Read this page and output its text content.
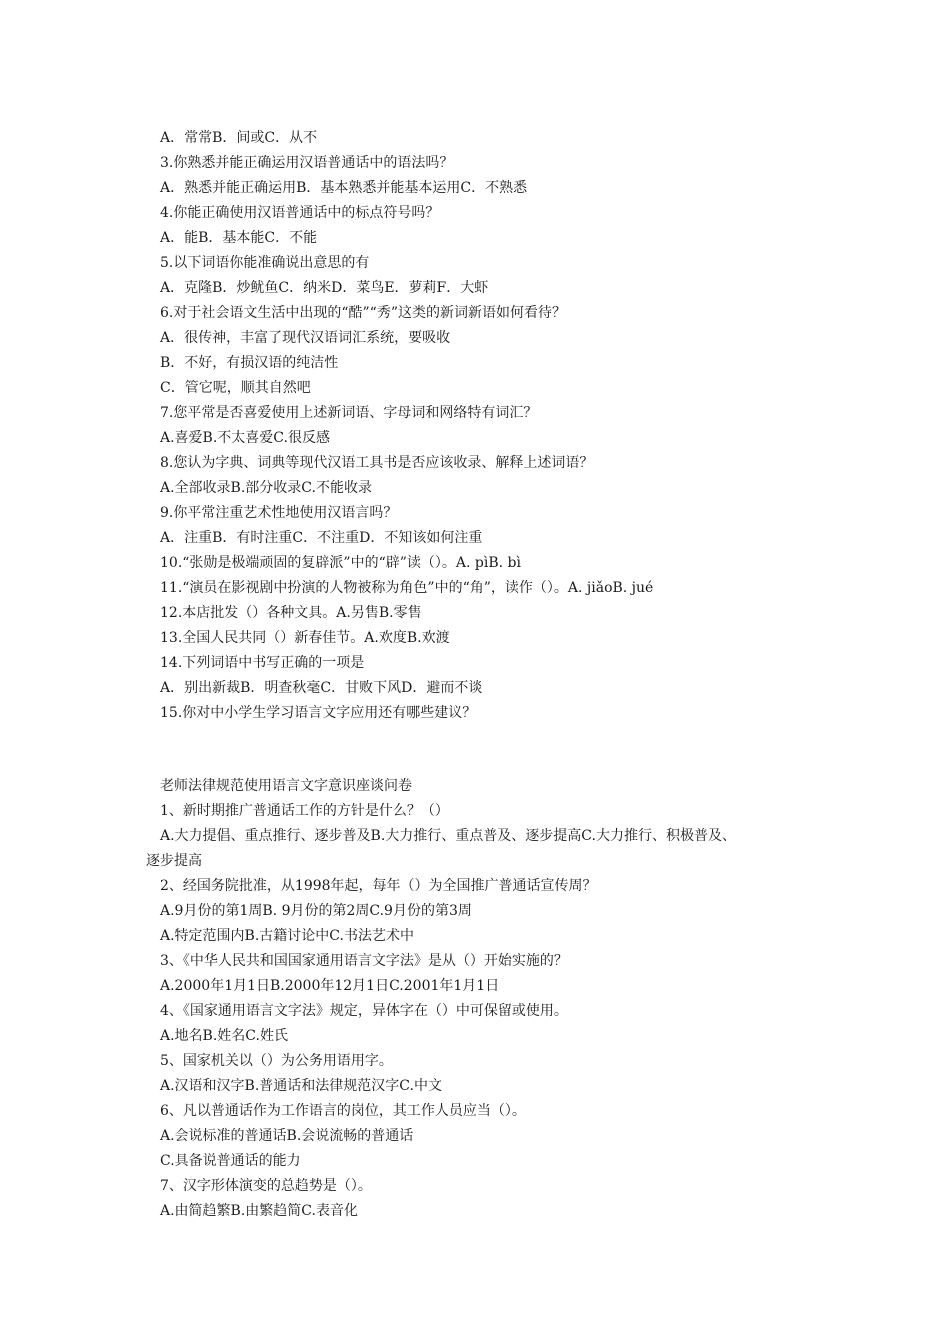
A．常常B．间或C．从不
3.你熟悉并能正确运用汉语普通话中的语法吗？
A．熟悉并能正确运用B．基本熟悉并能基本运用C．不熟悉
4.你能正确使用汉语普通话中的标点符号吗？
A．能B．基本能C．不能
5.以下词语你能准确说出意思的有
A．克隆B．炒鱿鱼C．纳米D．菜鸟E．萝莉F．大虾
6.对于社会语文生活中出现的“酷”“秀”这类的新词新语如何看待？
A．很传神，丰富了现代汉语词汇系统，要吸收
B．不好，有损汉语的纯洁性
C．管它呢，顺其自然吧
7.您平常是否喜爱使用上述新词语、字母词和网络特有词汇？
A.喜爱B.不太喜爱C.很反感
8.您认为字典、词典等现代汉语工具书是否应该收录、解释上述词语？
A.全部收录B.部分收录C.不能收录
9.你平常注重艺术性地使用汉语言吗？
A．注重B．有时注重C．不注重D．不知该如何注重
10.“张勋是极端顽固的复辟派”中的“辟”读（）。A. pìB. bì
11.“演员在影视剧中扮演的人物被称为角色”中的“角”，读作（）。A. jiǎoB. jué
12.本店批发（）各种文具。A.另售B.零售
13.全国人民共同（）新春佳节。A.欢度B.欢渡
14.下列词语中书写正确的一项是
A．别出新裁B．明查秋毫C．甘败下风D．避而不谈
15.你对中小学生学习语言文字应用还有哪些建议？
老师法律规范使用语言文字意识座谈问卷
1、新时期推广普通话工作的方针是什么？（）
A.大力提倡、重点推行、逐步普及B.大力推行、重点普及、逐步提高C.大力推行、积极普及、
逐步提高
2、经国务院批准，从1998年起，每年（）为全国推广普通话宣传周？
A.9月份的第1周B. 9月份的第2周C.9月份的第3周
A.特定范围内B.古籍讨论中C.书法艺术中
3、《中华人民共和国国家通用语言文字法》是从（）开始实施的？
A.2000年1月1日B.2000年12月1日C.2001年1月1日
4、《国家通用语言文字法》规定，异体字在（）中可保留或使用。
A.地名B.姓名C.姓氏
5、国家机关以（）为公务用语用字。
A.汉语和汉字B.普通话和法律规范汉字C.中文
6、凡以普通话作为工作语言的岗位，其工作人员应当（）。
A.会说标准的普通话B.会说流畅的普通话
C.具备说普通话的能力
7、汉字形体演变的总趋势是（）。
A.由简趋繁B.由繁趋简C.表音化
